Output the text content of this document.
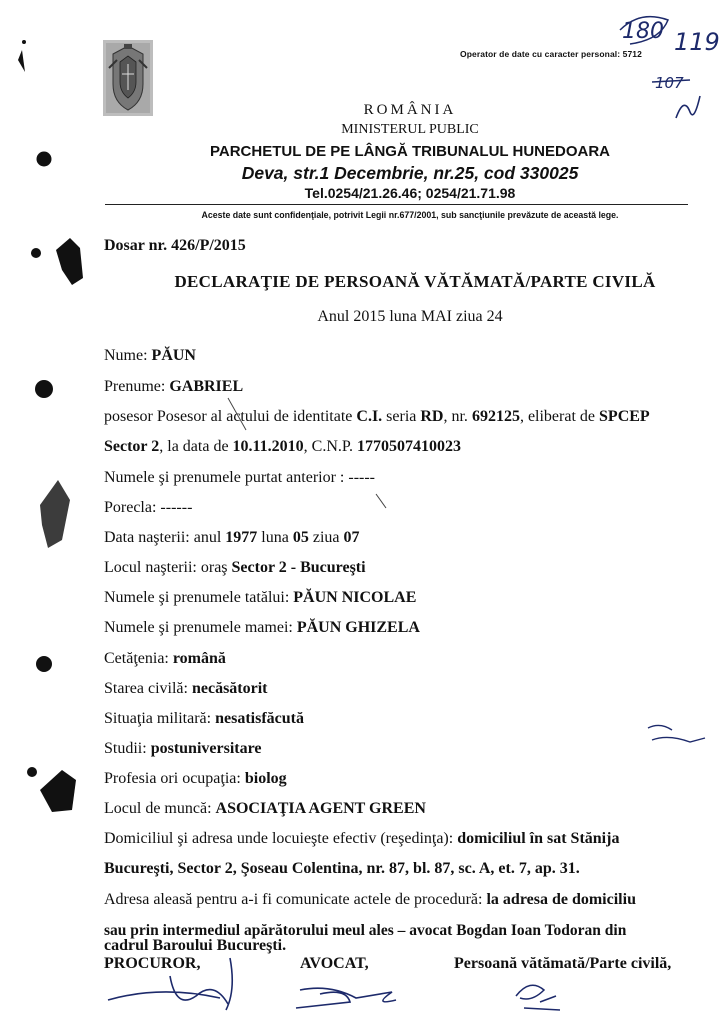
Operator de date cu caracter personal: 5712
ROMÂNIA
MINISTERUL PUBLIC
PARCHETUL DE PE LÂNGĂ TRIBUNALUL HUNEDOARA
Deva, str.1 Decembrie, nr.25, cod 330025
Tel.0254/21.26.46; 0254/21.71.98
Aceste date sunt confidenţiale, potrivit Legii nr.677/2001, sub sancţiunile prevăzute de această lege.
Dosar nr. 426/P/2015
DECLARAŢIE DE PERSOANĂ VĂTĂMATĂ/PARTE CIVILĂ
Anul 2015 luna MAI ziua 24
Nume: PĂUN
Prenume: GABRIEL
posesor Posesor al actului de identitate C.I. seria RD, nr. 692125, eliberat de SPCEP
Sector 2, la data de 10.11.2010, C.N.P. 1770507410023
Numele şi prenumele purtat anterior : -----
Porecla: ------
Data naşterii: anul 1977 luna 05 ziua 07
Locul naşterii: oraş Sector 2 - Bucureşti
Numele şi prenumele tatălui: PĂUN NICOLAE
Numele şi prenumele mamei: PĂUN GHIZELA
Cetăţenia: română
Starea civilă: necăsătorit
Situaţia militară: nesatisfăcută
Studii: postuniversitare
Profesia ori ocupaţia: biolog
Locul de muncă: ASOCIAŢIA AGENT GREEN
Domiciliul şi adresa unde locuieşte efectiv (reşedinţa): domiciliul în sat Stănija
Bucureşti, Sector 2, Şoseau Colentina, nr. 87, bl. 87, sc. A, et. 7, ap. 31.
Adresa aleasă pentru a-i fi comunicate actele de procedură: la adresa de domiciliu
sau prin intermediul apărătorului meul ales – avocat Bogdan Ioan Todoran din
PROCUROR,	AVOCAT,	Persoană vătămată/Parte civilă,
cadrul Baroului Bucureşti.
180 119
107
